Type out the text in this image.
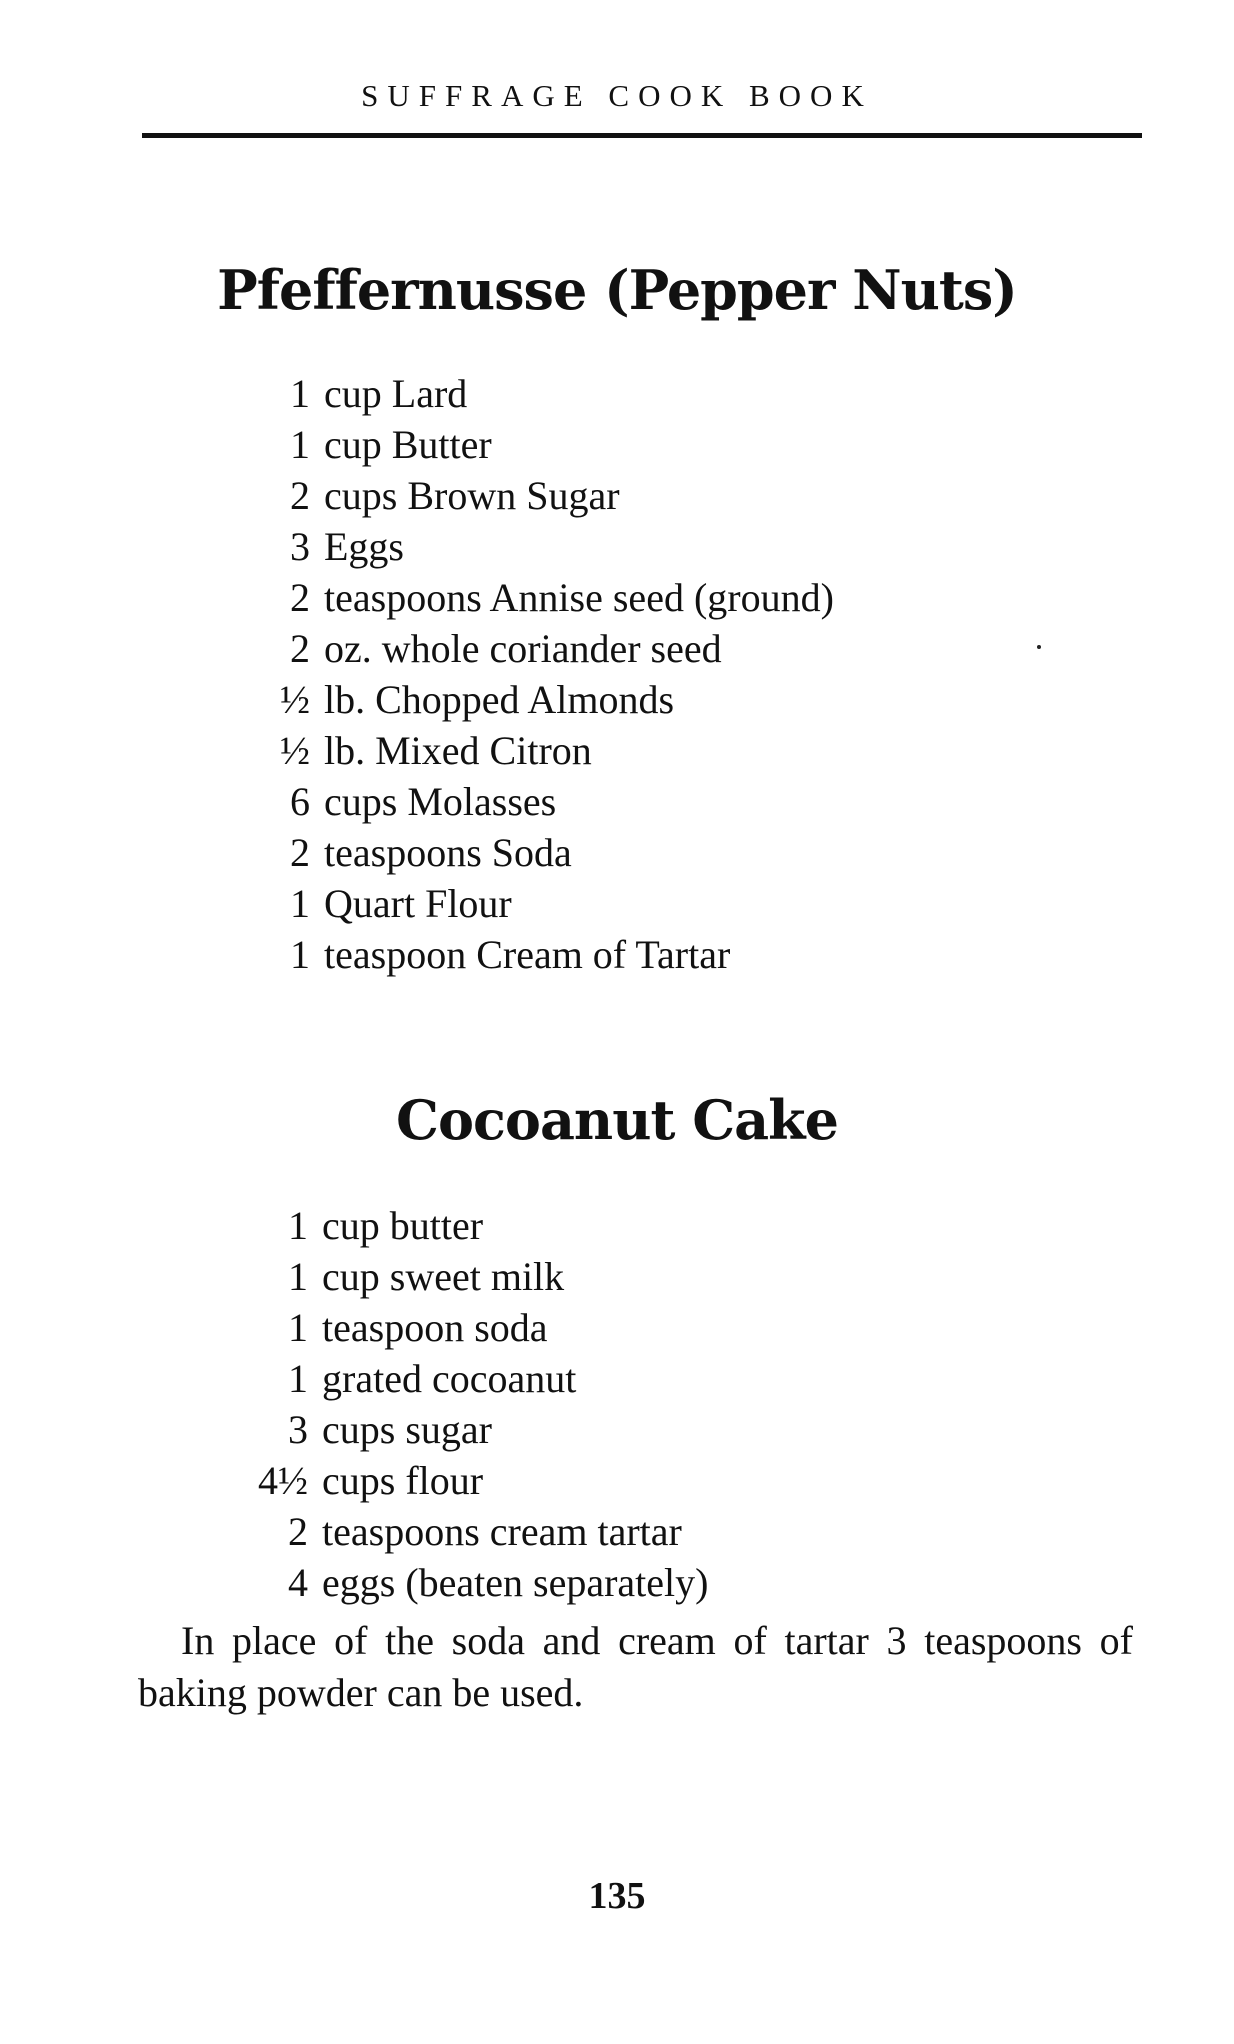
SUFFRAGE COOK BOOK
Pfeffernusse (Pepper Nuts)
1 cup Lard
1 cup Butter
2 cups Brown Sugar
3 Eggs
2 teaspoons Annise seed (ground)
2 oz. whole coriander seed
½ lb. Chopped Almonds
½ lb. Mixed Citron
6 cups Molasses
2 teaspoons Soda
1 Quart Flour
1 teaspoon Cream of Tartar
Cocoanut Cake
1 cup butter
1 cup sweet milk
1 teaspoon soda
1 grated cocoanut
3 cups sugar
4½ cups flour
2 teaspoons cream tartar
4 eggs (beaten separately)

In place of the soda and cream of tartar 3 teaspoons of baking powder can be used.

135
